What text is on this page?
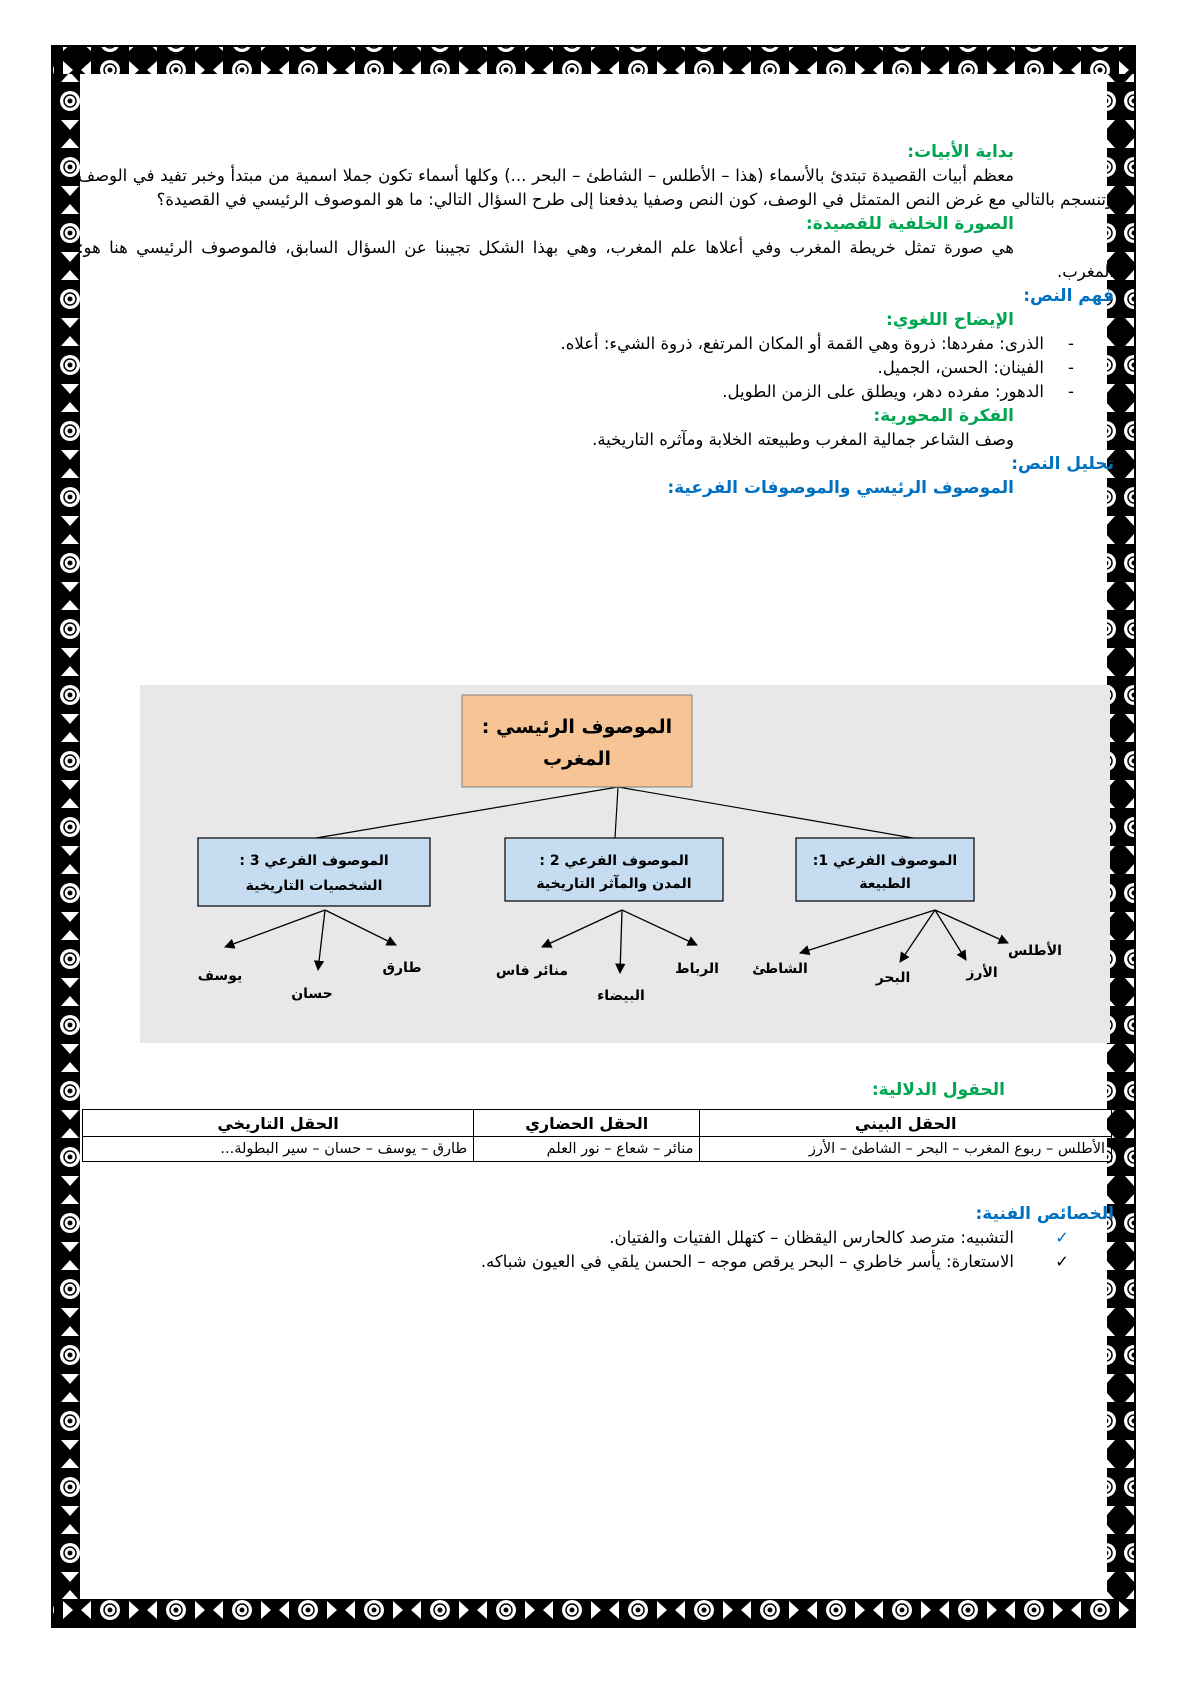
بداية الأبيات:
معظم أبيات القصيدة تبتدئ بالأسماء (هذا – الأطلس – الشاطئ – البحر ...) وكلها أسماء تكون جملا اسمية من مبتدأ وخبر تفيد في الوصف وتنسجم بالتالي مع غرض النص المتمثل في الوصف، كون النص وصفيا يدفعنا إلى طرح السؤال التالي: ما هو الموصوف الرئيسي في القصيدة؟
الصورة الخلفية للقصيدة:
هي صورة تمثل خريطة المغرب وفي أعلاها علم المغرب، وهي بهذا الشكل تجيبنا عن السؤال السابق، فالموصوف الرئيسي هنا هو: المغرب.
فهم النص:
الإيضاح اللغوي:
-
الذرى: مفردها: ذروة وهي القمة أو المكان المرتفع، ذروة الشيء: أعلاه.
-
الفينان: الحسن، الجميل.
-
الدهور: مفرده دهر، ويطلق على الزمن الطويل.
الفكرة المحورية:
وصف الشاعر جمالية المغرب وطبيعته الخلابة ومآثره التاريخية.
تحليل النص:
الموصوف الرئيسي والموصوفات الفرعية:
الموصوف الرئيسي :
المغرب
الموصوف الفرعي 1:
الطبيعة
الموصوف الفرعي 2 :
المدن والمآثر التاريخية
الموصوف الفرعي 3 :
الشخصيات التاريخية
الأطلس
الأرز
البحر
الشاطئ
الرباط
البيضاء
منائر فاس
طارق
حسان
يوسف
الحقول الدلالية:
الحقل البيني	الحقل الحضاري	الحقل التاريخي
الأطلس – ربوع المغرب – البحر – الشاطئ – الأرز	منائر – شعاع – نور العلم	طارق – يوسف – حسان – سير البطولة...
الخصائص الفنية:
✓
التشبيه: مترصد كالحارس اليقظان – كتهلل الفتيات والفتيان.
✓
الاستعارة: يأسر خاطري – البحر يرقص موجه – الحسن يلقي في العيون شباكه.
